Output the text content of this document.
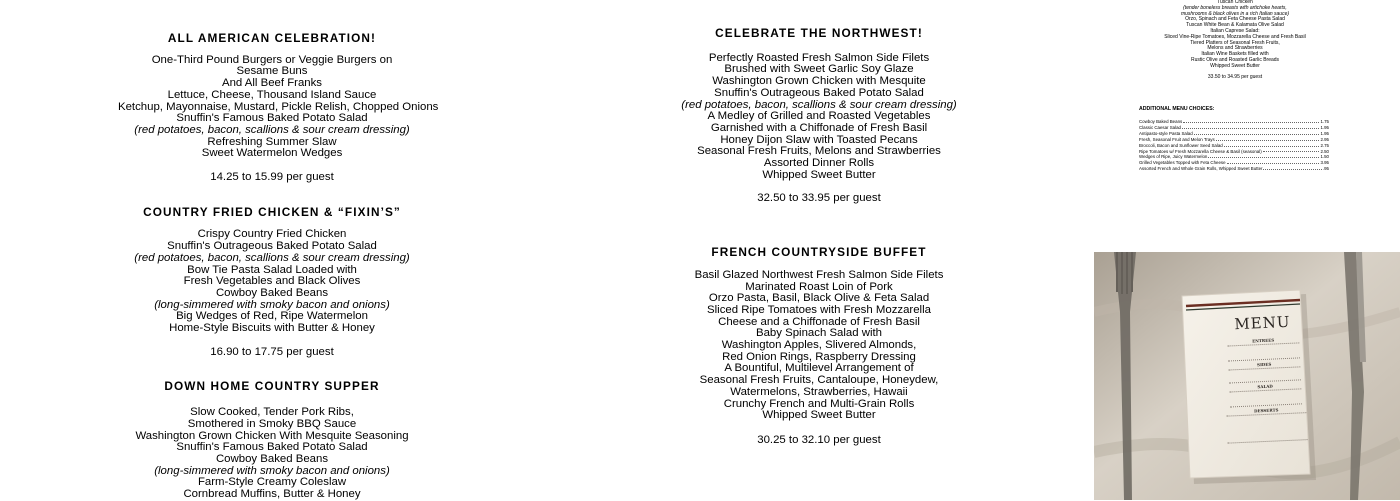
ALL AMERICAN CELEBRATION!
One-Third Pound Burgers or Veggie Burgers on
Sesame Buns
And All Beef Franks
Lettuce, Cheese, Thousand Island Sauce
Ketchup, Mayonnaise, Mustard, Pickle Relish, Chopped Onions
Snuffin's Famous Baked Potato Salad
(red potatoes, bacon, scallions & sour cream dressing)
Refreshing Summer Slaw
Sweet Watermelon Wedges
14.25 to 15.99 per guest
COUNTRY FRIED CHICKEN & “FIXIN’S”
Crispy Country Fried Chicken
Snuffin's Outrageous Baked Potato Salad
(red potatoes, bacon, scallions & sour cream dressing)
Bow Tie Pasta Salad Loaded with
Fresh Vegetables and Black Olives
Cowboy Baked Beans
(long-simmered with smoky bacon and onions)
Big Wedges of Red, Ripe Watermelon
Home-Style Biscuits with Butter & Honey
16.90 to 17.75 per guest
DOWN HOME COUNTRY SUPPER
Slow Cooked, Tender Pork Ribs,
Smothered in Smoky BBQ Sauce
Washington Grown Chicken With Mesquite Seasoning
Snuffin's Famous Baked Potato Salad
Cowboy Baked Beans
(long-simmered with smoky bacon and onions)
Farm-Style Creamy Coleslaw
Cornbread Muffins, Butter & Honey
CELEBRATE THE NORTHWEST!
Perfectly Roasted Fresh Salmon Side Filets
Brushed with Sweet Garlic Soy Glaze
Washington Grown Chicken with Mesquite
Snuffin's Outrageous Baked Potato Salad
(red potatoes, bacon, scallions & sour cream dressing)
A Medley of Grilled and Roasted Vegetables
Garnished with a Chiffonade of Fresh Basil
Honey Dijon Slaw with Toasted Pecans
Seasonal Fresh Fruits, Melons and Strawberries
Assorted Dinner Rolls
Whipped Sweet Butter
32.50 to 33.95 per guest
FRENCH COUNTRYSIDE BUFFET
Basil Glazed Northwest Fresh Salmon Side Filets
Marinated Roast Loin of Pork
Orzo Pasta, Basil, Black Olive & Feta Salad
Sliced Ripe Tomatoes with Fresh Mozzarella
Cheese and a Chiffonade of Fresh Basil
Baby Spinach Salad with
Washington Apples, Slivered Almonds,
Red Onion Rings, Raspberry Dressing
A Bountiful, Multilevel Arrangement of
Seasonal Fresh Fruits, Cantaloupe, Honeydew,
Watermelons, Strawberries, Hawaii
Crunchy French and Multi-Grain Rolls
Whipped Sweet Butter
30.25 to 32.10 per guest
Tuscan Chicken
(tender boneless breasts with artichoke hearts,
mushrooms & black olives in a rich Italian sauce)
Orzo, Spinach and Feta Cheese Pasta Salad
Tuscan White Bean & Kalamata Olive Salad
Italian Caprese Salad:
Sliced Vine-Ripe Tomatoes, Mozzarella Cheese and Fresh Basil
Tiered Platters of Seasonal Fresh Fruits,
Melons and Strawberries
Italian Wine Baskets filled with
Rustic Olive and Roasted Garlic Breads
Whipped Sweet Butter
33.50 to 34.95 per guest
ADDITIONAL MENU CHOICES:
Cowboy Baked Beans	1.75
Classic Caesar Salad	1.95
Antipasto-style Pasta Salad	1.95
Fresh, Seasonal Fruit and Melon Trays	2.95
Broccoli, Bacon and Sunflower Seed Salad	2.75
Ripe Tomatoes w/ Fresh Mozzarella Cheese & Basil (seasonal)	2.50
Wedges of Ripe, Juicy Watermelon	1.50
Grilled Vegetables Topped with Feta Cheese	3.95
Assorted French and Whole Grain Rolls, Whipped Sweet Butter	.95
MENU
ENTREES
SIDES
SALAD
DESSERTS
